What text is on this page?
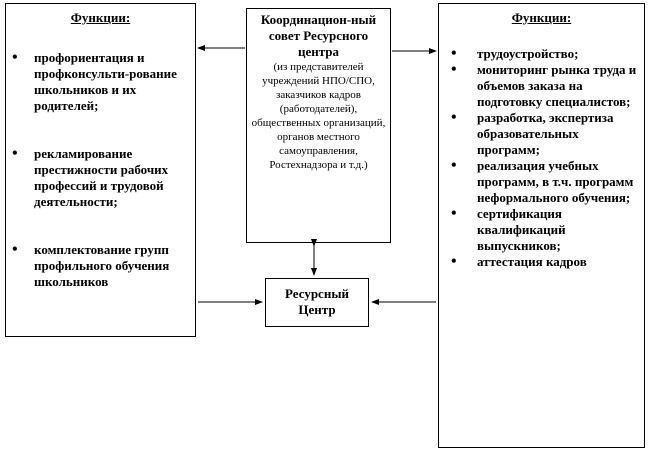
Функции:
• профориентация и профконсульти-рование школьников и их родителей;
• рекламирование престижности рабочих профессий и трудовой деятельности;
• комплектование групп профильного обучения школьников
Координацион-ный совет Ресурсного центра
(из представителей учреждений НПО/СПО, заказчиков кадров (работодателей), общественных организаций, органов местного самоуправления, Ростехнадзора и т.д.)
Ресурсный Центр
Функции:
• трудоустройство;
• мониторинг рынка труда и объемов заказа на подготовку специалистов;
• разработка, экспертиза образовательных программ;
• реализация учебных программ, в т.ч. программ неформального обучения;
• сертификация квалификаций выпускников;
• аттестация кадров
